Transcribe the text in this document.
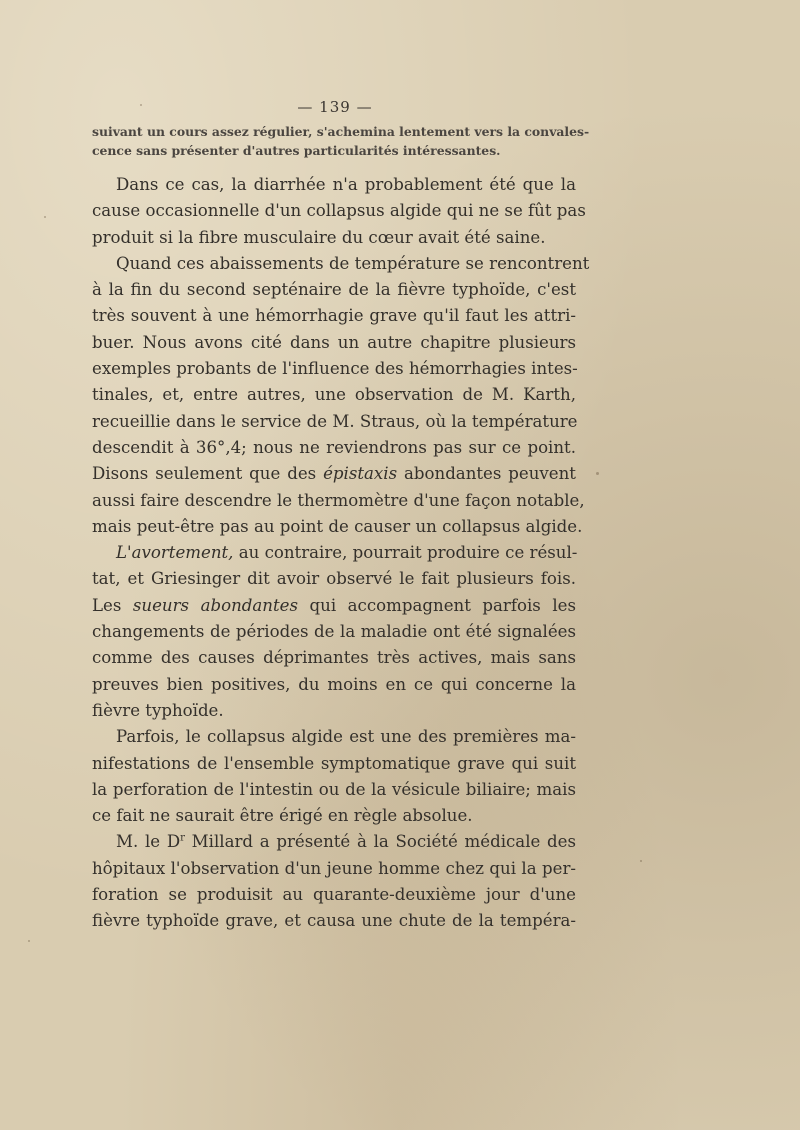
— 139 —
suivant un cours assez régulier, s'achemina lentement vers la convales-
cence sans présenter d'autres particularités intéressantes.
Dans ce cas, la diarrhée n'a probablement été que la
cause occasionnelle d'un collapsus algide qui ne se fût pas
produit si la fibre musculaire du cœur avait été saine.
Quand ces abaissements de température se rencontrent
à la fin du second septénaire de la fièvre typhoïde, c'est
très souvent à une hémorrhagie grave qu'il faut les attri-
buer. Nous avons cité dans un autre chapitre plusieurs
exemples probants de l'influence des hémorrhagies intes-
tinales, et, entre autres, une observation de M. Karth,
recueillie dans le service de M. Straus, où la température
descendit à 36°,4; nous ne reviendrons pas sur ce point.
Disons seulement que des épistaxis abondantes peuvent
aussi faire descendre le thermomètre d'une façon notable,
mais peut-être pas au point de causer un collapsus algide.
L'avortement, au contraire, pourrait produire ce résul-
tat, et Griesinger dit avoir observé le fait plusieurs fois.
Les sueurs abondantes qui accompagnent parfois les
changements de périodes de la maladie ont été signalées
comme des causes déprimantes très actives, mais sans
preuves bien positives, du moins en ce qui concerne la
fièvre typhoïde.
Parfois, le collapsus algide est une des premières ma-
nifestations de l'ensemble symptomatique grave qui suit
la perforation de l'intestin ou de la vésicule biliaire; mais
ce fait ne saurait être érigé en règle absolue.
M. le $D^r$ Millard a présenté à la Société médicale des
hôpitaux l'observation d'un jeune homme chez qui la per-
foration se produisit au quarante-deuxième jour d'une
fièvre typhoïde grave, et causa une chute de la tempéra-
